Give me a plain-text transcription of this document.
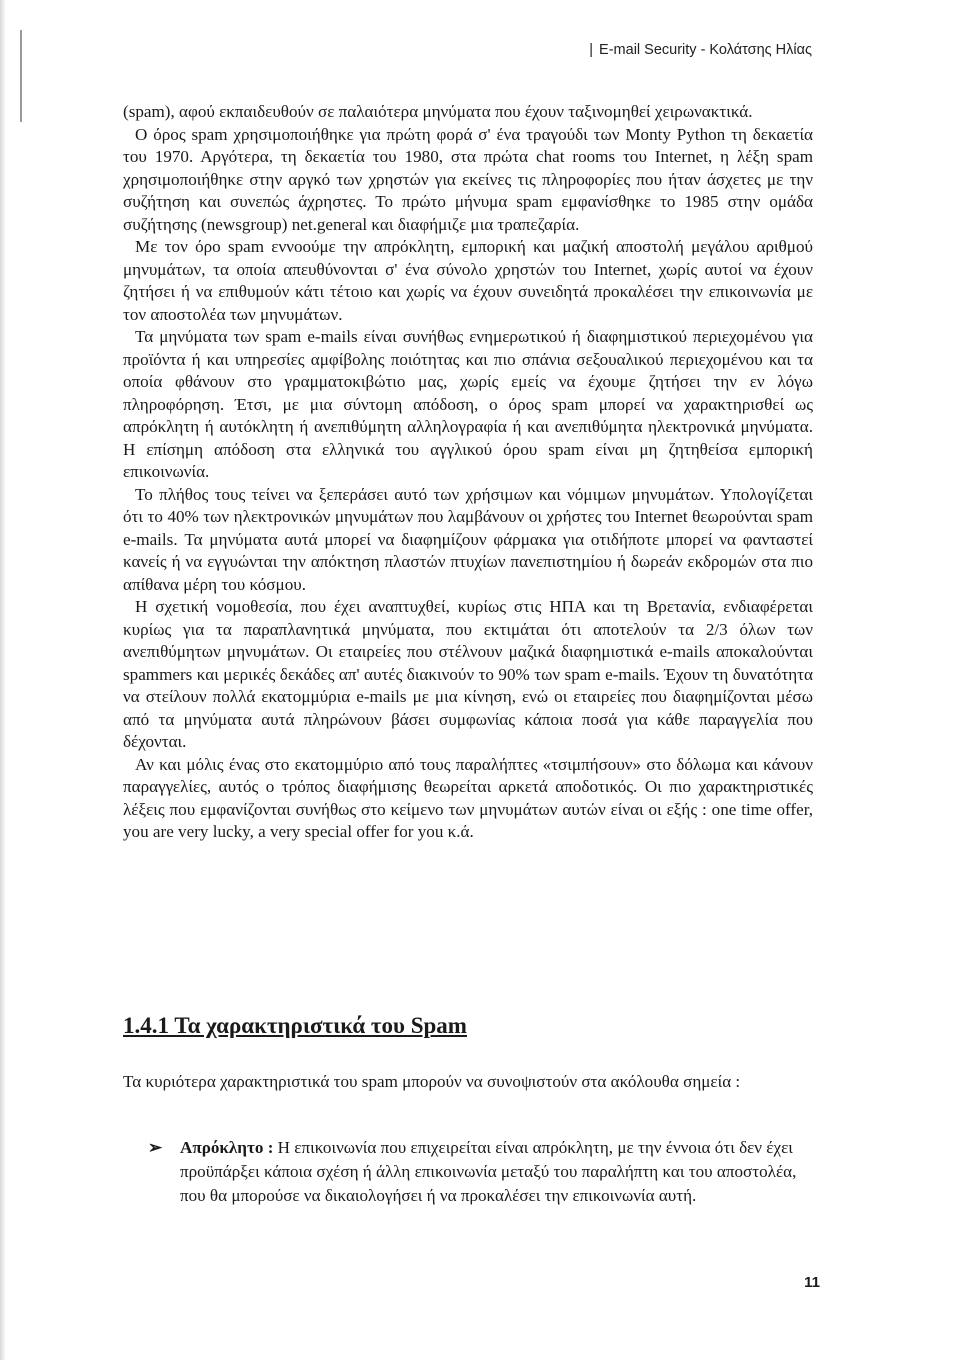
| E-mail Security - Κολάτσης Ηλίας

(spam), αφού εκπαιδευθούν σε παλαιότερα μηνύματα που έχουν ταξινομηθεί χειρωνακτικά.

Ο όρος spam χρησιμοποιήθηκε για πρώτη φορά σ' ένα τραγούδι των Monty Python τη δεκαετία του 1970. Αργότερα, τη δεκαετία του 1980, στα πρώτα chat rooms του Internet, η λέξη spam χρησιμοποιήθηκε στην αργκό των χρηστών για εκείνες τις πληροφορίες που ήταν άσχετες με την συζήτηση και συνεπώς άχρηστες. Το πρώτο μήνυμα spam εμφανίσθηκε το 1985 στην ομάδα συζήτησης (newsgroup) net.general και διαφήμιζε μια τραπεζαρία.

Με τον όρο spam εννοούμε την απρόκλητη, εμπορική και μαζική αποστολή μεγάλου αριθμού μηνυμάτων, τα οποία απευθύνονται σ' ένα σύνολο χρηστών του Internet, χωρίς αυτοί να έχουν ζητήσει ή να επιθυμούν κάτι τέτοιο και χωρίς να έχουν συνειδητά προκαλέσει την επικοινωνία με τον αποστολέα των μηνυμάτων.

Τα μηνύματα των spam e-mails είναι συνήθως ενημερωτικού ή διαφημιστικού περιεχομένου για προϊόντα ή και υπηρεσίες αμφίβολης ποιότητας και πιο σπάνια σεξουαλικού περιεχομένου και τα οποία φθάνουν στο γραμματοκιβώτιο μας, χωρίς εμείς να έχουμε ζητήσει την εν λόγω πληροφόρηση. Έτσι, με μια σύντομη απόδοση, ο όρος spam μπορεί να χαρακτηρισθεί ως απρόκλητη ή αυτόκλητη ή ανεπιθύμητη αλληλογραφία ή και ανεπιθύμητα ηλεκτρονικά μηνύματα. Η επίσημη απόδοση στα ελληνικά του αγγλικού όρου spam είναι μη ζητηθείσα εμπορική επικοινωνία.

Το πλήθος τους τείνει να ξεπεράσει αυτό των χρήσιμων και νόμιμων μηνυμάτων. Υπολογίζεται ότι το 40% των ηλεκτρονικών μηνυμάτων που λαμβάνουν οι χρήστες του Internet θεωρούνται spam e-mails. Τα μηνύματα αυτά μπορεί να διαφημίζουν φάρμακα για οτιδήποτε μπορεί να φανταστεί κανείς ή να εγγυώνται την απόκτηση πλαστών πτυχίων πανεπιστημίου ή δωρεάν εκδρομών στα πιο απίθανα μέρη του κόσμου.

Η σχετική νομοθεσία, που έχει αναπτυχθεί, κυρίως στις ΗΠΑ και τη Βρετανία, ενδιαφέρεται κυρίως για τα παραπλανητικά μηνύματα, που εκτιμάται ότι αποτελούν τα 2/3 όλων των ανεπιθύμητων μηνυμάτων. Οι εταιρείες που στέλνουν μαζικά διαφημιστικά e-mails αποκαλούνται spammers και μερικές δεκάδες απ' αυτές διακινούν το 90% των spam e-mails. Έχουν τη δυνατότητα να στείλουν πολλά εκατομμύρια e-mails με μια κίνηση, ενώ οι εταιρείες που διαφημίζονται μέσω από τα μηνύματα αυτά πληρώνουν βάσει συμφωνίας κάποια ποσά για κάθε παραγγελία που δέχονται.

Αν και μόλις ένας στο εκατομμύριο από τους παραλήπτες «τσιμπήσουν» στο δόλωμα και κάνουν παραγγελίες, αυτός ο τρόπος διαφήμισης θεωρείται αρκετά αποδοτικός. Οι πιο χαρακτηριστικές λέξεις που εμφανίζονται συνήθως στο κείμενο των μηνυμάτων αυτών είναι οι εξής : one time offer, you are very lucky, a very special offer for you κ.ά.

1.4.1 Τα χαρακτηριστικά του Spam

Τα κυριότερα χαρακτηριστικά του spam μπορούν να συνοψιστούν στα ακόλουθα σημεία :

➢	Απρόκλητο : Η επικοινωνία που επιχειρείται είναι απρόκλητη, με την έννοια ότι δεν έχει προϋπάρξει κάποια σχέση ή άλλη επικοινωνία μεταξύ του παραλήπτη και του αποστολέα, που θα μπορούσε να δικαιολογήσει ή να προκαλέσει την επικοινωνία αυτή.
11
